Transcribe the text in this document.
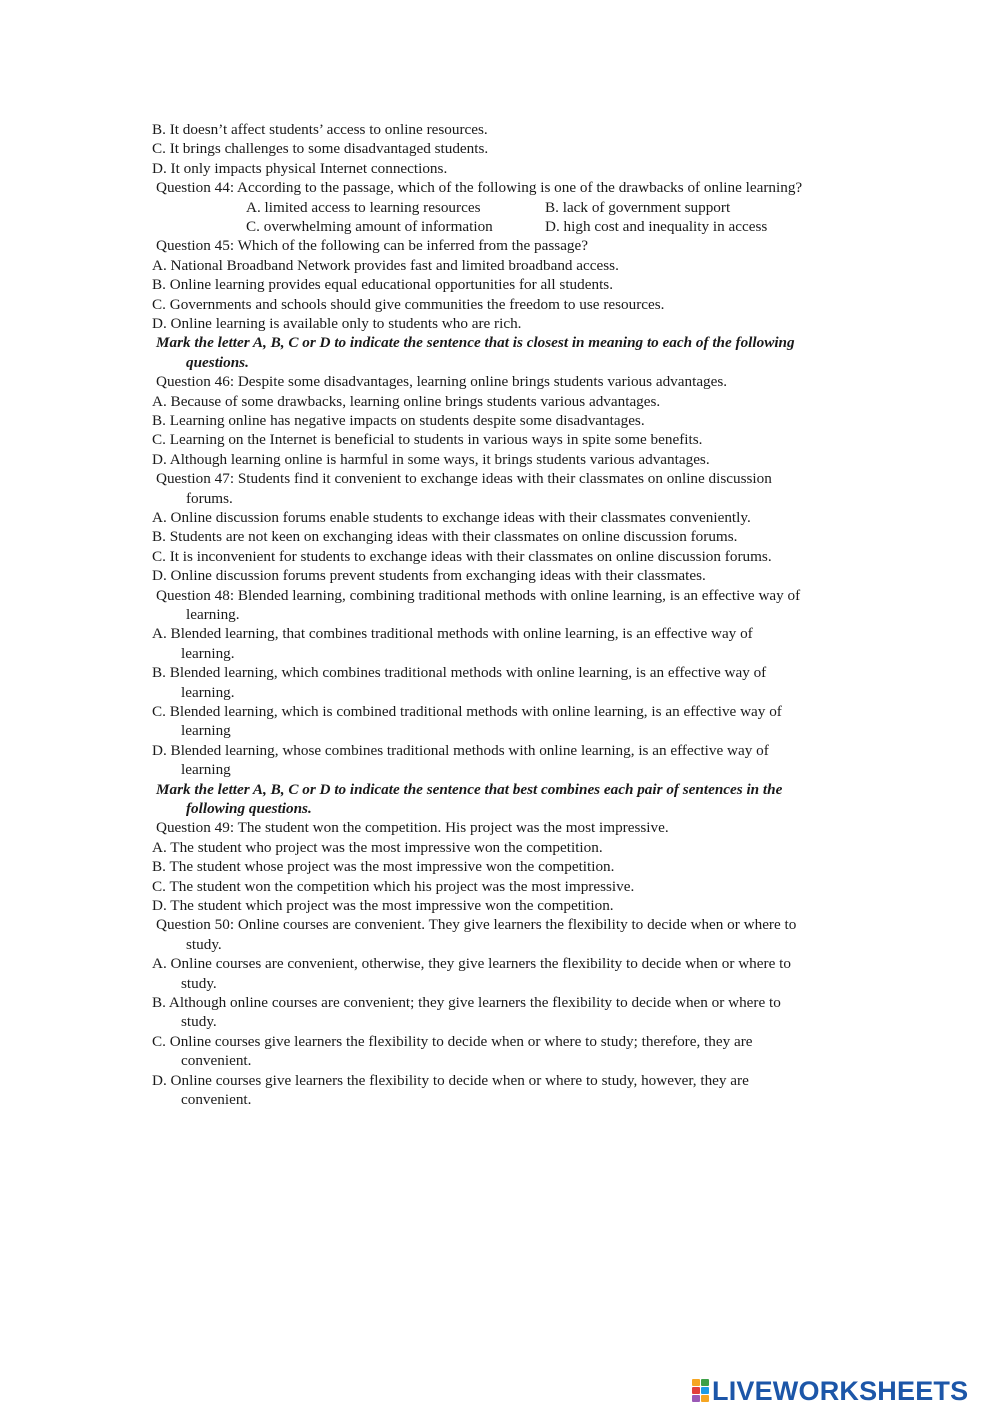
B. It doesn’t affect students’ access to online resources.
C. It brings challenges to some disadvantaged students.
D. It only impacts physical Internet connections.
Question 44: According to the passage, which of the following is one of the drawbacks of online learning?
A. limited access to learning resources	B. lack of government support
C. overwhelming amount of information	D. high cost and inequality in access
Question 45: Which of the following can be inferred from the passage?
A. National Broadband Network provides fast and limited broadband access.
B. Online learning provides equal educational opportunities for all students.
C. Governments and schools should give communities the freedom to use resources.
D. Online learning is available only to students who are rich.
Mark the letter A, B, C or D to indicate the sentence that is closest in meaning to each of the following
questions.
Question 46: Despite some disadvantages, learning online brings students various advantages.
A. Because of some drawbacks, learning online brings students various advantages.
B. Learning online has negative impacts on students despite some disadvantages.
C. Learning on the Internet is beneficial to students in various ways in spite some benefits.
D. Although learning online is harmful in some ways, it brings students various advantages.
Question 47: Students find it convenient to exchange ideas with their classmates on online discussion
forums.
A. Online discussion forums enable students to exchange ideas with their classmates conveniently.
B. Students are not keen on exchanging ideas with their classmates on online discussion forums.
C. It is inconvenient for students to exchange ideas with their classmates on online discussion forums.
D. Online discussion forums prevent students from exchanging ideas with their classmates.
Question 48: Blended learning, combining traditional methods with online learning, is an effective way of
learning.
A. Blended learning, that combines traditional methods with online learning, is an effective way of
learning.
B. Blended learning, which combines traditional methods with online learning, is an effective way of
learning.
C. Blended learning, which is combined traditional methods with online learning, is an effective way of
learning
D. Blended learning, whose combines traditional methods with online learning, is an effective way of
learning
Mark the letter A, B, C or D to indicate the sentence that best combines each pair of sentences in the
following questions.
Question 49: The student won the competition. His project was the most impressive.
A. The student who project was the most impressive won the competition.
B. The student whose project was the most impressive won the competition.
C. The student won the competition which his project was the most impressive.
D. The student which project was the most impressive won the competition.
Question 50: Online courses are convenient. They give learners the flexibility to decide when or where to
study.
A. Online courses are convenient, otherwise, they give learners the flexibility to decide when or where to
study.
B. Although online courses are convenient; they give learners the flexibility to decide when or where to
study.
C. Online courses give learners the flexibility to decide when or where to study; therefore, they are
convenient.
D. Online courses give learners the flexibility to decide when or where to study, however, they are
convenient.
LIVEWORKSHEETS
